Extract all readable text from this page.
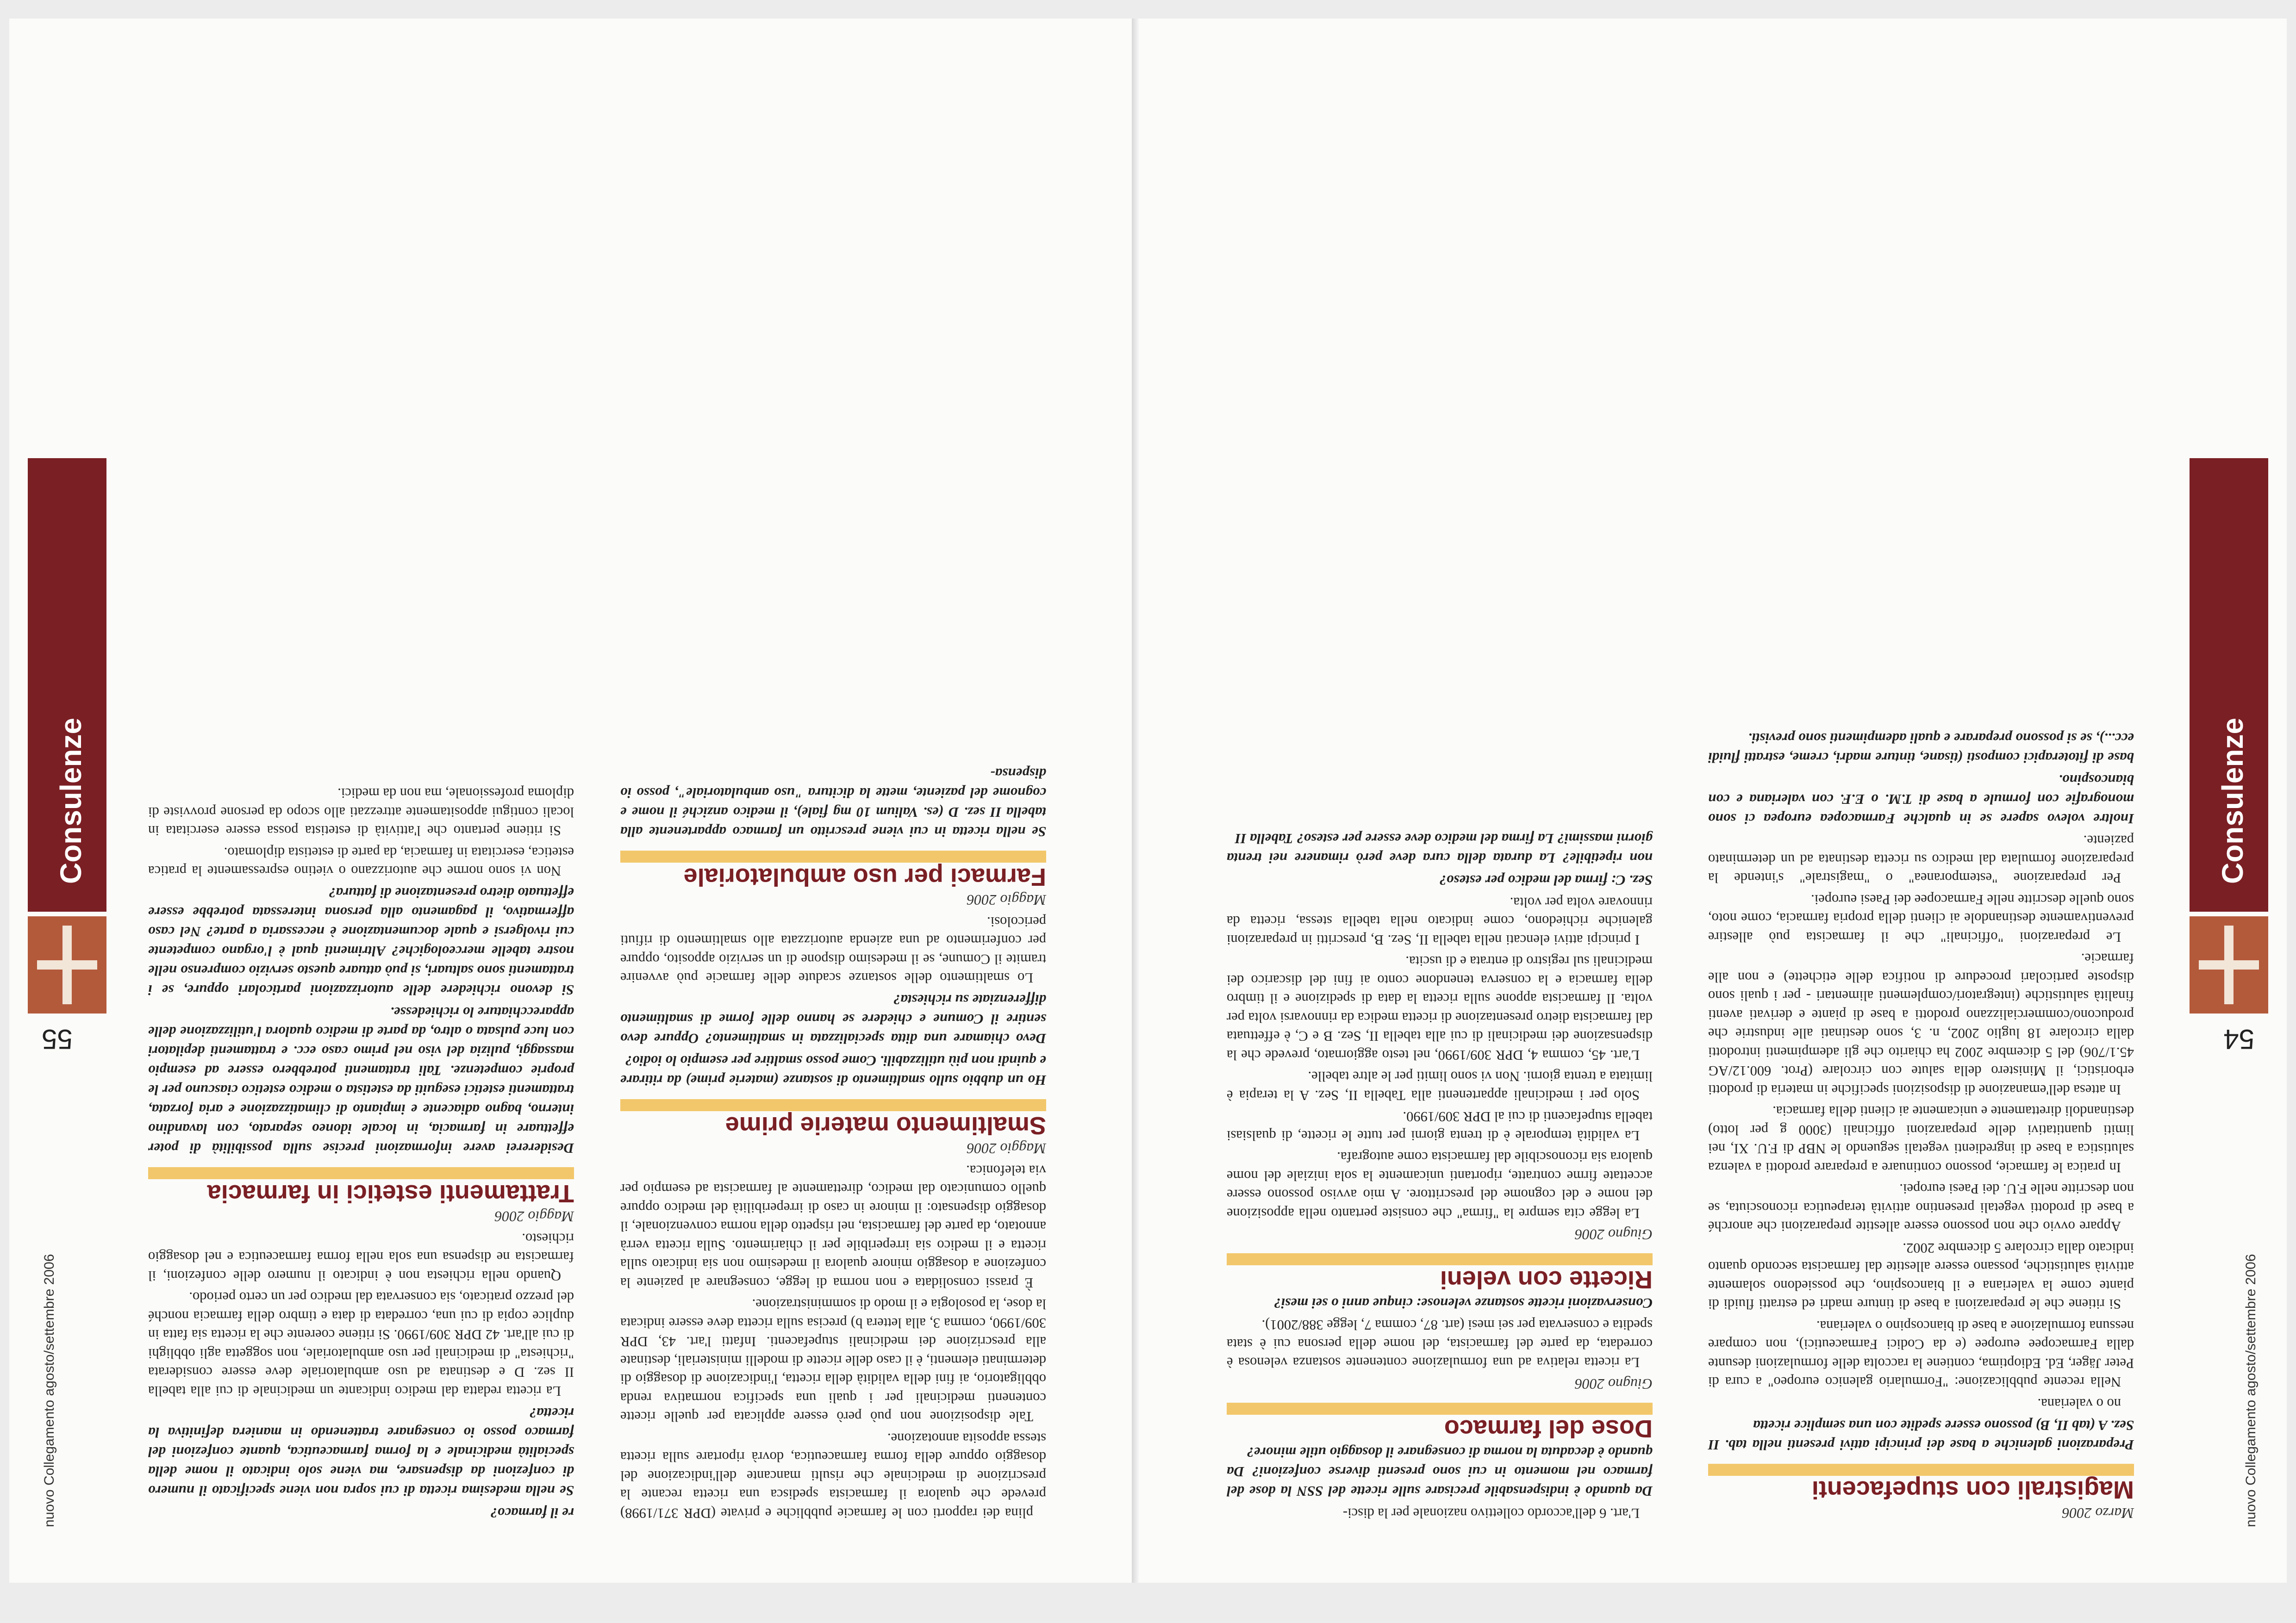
nuovo Collegamento agosto/settembre 2006
Consulenze
55

plina dei rapporti con le farmacie pubbliche e private (DPR 371/1998) prevede che qualora il farmacista spedisca una ricetta recante la prescrizione di medicinale che risulti mancante dell'indicazione del dosaggio oppure della forma farmaceutica, dovrà riportare sulla ricetta stessa apposita annotazione.

Tale disposizione non può però essere applicata per quelle ricette contenenti medicinali per i quali una specifica normativa renda obbligatorio, ai fini della validità della ricetta, l'indicazione di dosaggio di determinati elementi, è il caso delle ricette di modelli ministeriali, destinate alla prescrizione dei medicinali stupefacenti. Infatti l'art. 43, DPR 309/1990, comma 3, alla lettera b) precisa sulla ricetta deve essere indicata la dose, la posologia e il modo di somministrazione.

È prassi consolidata e non norma di legge, consegnare al paziente la confezione a dosaggio minore qualora il medesimo non sia indicato sulla ricetta e il medico sia irreperibile per il chiarimento. Sulla ricetta verrà annotato, da parte del farmacista, nel rispetto della norma convenzionale, il dosaggio dispensato: il minore in caso di irreperibilità del medico oppure quello comunicato dal medico, direttamente al farmacista ad esempio per via telefonica.

Maggio 2006

Smaltimento materie prime

Ho un dubbio sullo smaltimento di sostanze (materie prime) da ritirare e quindi non più utilizzabili. Come posso smaltire per esempio lo iodio?

Devo chiamare una ditta specializzata in smaltimento? Oppure devo sentire il Comune e chiedere se hanno delle forme di smaltimento differenziate su richiesta?

Lo smaltimento delle sostanze scadute delle farmacie può avvenire tramite il Comune, se il medesimo dispone di un servizio apposito, oppure per conferimento ad una azienda autorizzata allo smaltimento di rifiuti pericolosi.

Maggio 2006

Farmaci per uso ambulatoriale

Se nella ricetta in cui viene prescritto un farmaco appartenente alla tabella II sez. D (es. Valium 10 mg fiale), il medico anziché il nome e cognome del paziente, mette la dicitura "uso ambulatoriale", posso io dispensa-

re il farmaco?

Se nella medesima ricetta di cui sopra non viene specificato il numero di confezioni da dispensare, ma viene solo indicato il nome della specialità medicinale e la forma farmaceutica, quante confezioni del farmaco posso io consegnare trattenendo in maniera definitiva la ricetta?

La ricetta redatta dal medico indicante un medicinale di cui alla tabella II sez. D e destinata ad uso ambulatoriale deve essere considerata "richiesta" di medicinali per uso ambulatoriale, non soggetta agli obblighi di cui all'art. 42 DPR 309/1990. Si ritiene coerente che la ricetta sia fatta in duplice copia di cui una, corredata di data e timbro della farmacia nonché del prezzo praticato, sia conservata dal medico per un certo periodo.

Quando nella richiesta non è indicato il numero delle confezioni, il farmacista ne dispensa una sola nella forma farmaceutica e nel dosaggio richiesto.

Maggio 2006

Trattamenti estetici in farmacia

Desidererei avere informazioni precise sulla possibilità di poter effettuare in farmacia, in locale idoneo separato, con lavandino interno, bagno adiacente e impianto di climatizzazione e aria forzata, trattamenti estetici eseguiti da estetista o medico estetico ciascuno per le proprie competenze. Tali trattamenti potrebbero essere ad esempio massaggi, pulizia del viso nel primo caso ecc. e trattamenti depilatori con luce pulsata o altro, da parte di medico qualora l'utilizzazione delle apparecchiature lo richiedesse.

Si devono richiedere delle autorizzazioni particolari oppure, se i trattamenti sono saltuari, si può attuare questo servizio comprenso nelle nostre tabelle merceologiche? Altrimenti qual è l'organo competente cui rivolgersi e quale documentazione è necessaria a parte? Nel caso affermativo, il pagamento alla persona interessata potrebbe essere effettuato dietro presentazione di fattura?

Non vi sono norme che autorizzano o vietino espressamente la pratica estetica, esercitata in farmacia, da parte di estetista diplomato.

Si ritiene pertanto che l'attività di estetista possa essere esercitata in locali contigui appositamente attrezzati allo scopo da persone provviste di diploma professionale, ma non da medici.

nuovo Collegamento agosto/settembre 2006
Consulenze
54

Marzo 2006

Magistrali con stupefacenti

Preparazioni galeniche a base dei principi attivi presenti nella tab. II Sez. A (tab II, B) possono essere spedite con una semplice ricetta

no o valeriana.

Nella recente pubblicazione: "Formulario galenico europeo" a cura di Peter Jäger, Ed. Edioptima, contiene la raccolta delle formulazioni desunte dalla Farmacopee europee (e da Codici Farmaceutici), non compare nessuna formulazione a base di biancospino o valeriana.

Si ritiene che le preparazioni a base di tinture madri ed estratti fluidi di piante come la valeriana e il biancospino, che possiedono solamente attività salutistiche, possano essere allestite dal farmacista secondo quanto indicato dalla circolare 5 dicembre 2002.

Appare ovvio che non possono essere allestite preparazioni che anorché a base di prodotti vegetali presentino attività terapeutica riconosciuta, se non descritte nelle F.U. dei Paesi europei.

In pratica le farmacie, possono continuare a preparare prodotti a valenza salutistica a base di ingredienti vegetali seguendo le NBP di F.U. XI, nei limiti quantitativi delle preparazioni officinali (3000 g per lotto) destinandoli direttamente e unicamente ai clienti della farmacia.

In attesa dell'emanazione di disposizioni specifiche in materia di prodotti erboristici, il Ministero della salute con circolare (Prot. 600.12/AG 45.1/706) del 5 dicembre 2002 ha chiarito che gli adempimenti introdotti dalla circolare 18 luglio 2002, n. 3, sono destinati alle industrie che producono/commercializzano prodotti a base di piante e derivati aventi finalità salutistiche (integratori/complementi alimentari - per i quali sono disposte particolari procedure di notifica delle etichette) e non alle farmacie.

Le preparazioni "officinali" che il farmacista può allestire preventivamente destinandole ai clienti della propria farmacia, come noto, sono quelle descritte nelle Farmacopee dei Paesi europei.

Per preparazione "estemporanea" o "magistrale" s'intende la preparazione formulata dal medico su ricetta destinata ad un determinato paziente.

Inoltre volevo sapere se in qualche Farmacopea europea ci sono monografie con formule a base di T.M. o E.F. con valeriana e con biancospino.

base di fitoterapici composti (tisane, tinture madri, creme, estratti fluidi ecc...), se si possono preparare e quali adempimenti sono previsti.

L'art. 6 dell'accordo collettivo nazionale per la disci-

Da quando è indispensabile precisare sulle ricette del SSN la dose del farmaco nel momento in cui sono presenti diverse confezioni? Da quando è decaduta la norma di consegnare il dosaggio utile minore?

Dose del farmaco

Giugno 2006

La ricetta relativa ad una formulazione contenente sostanza velenosa è corredata, da parte del farmacista, del nome della persona cui è stata spedita e conservata per sei mesi (art. 87, comma 7, legge 388/2001).

Conservazioni ricette sostanze velenose: cinque anni o sei mesi?

Ricette con veleni

Giugno 2006

La legge cita sempre la "firma" che consiste pertanto nella apposizione del nome e del cognome del prescrittore. A mio avviso possono essere accettate firme contratte, riportanti unicamente la sola iniziale del nome qualora sia riconoscibile dal farmacista come autografa.

La validità temporale è di trenta giorni per tutte le ricette, di qualsiasi tabella stupefacenti di cui al DPR 309/1990.

Solo per i medicinali appartenenti alla Tabella II, Sez. A la terapia è limitata a trenta giorni. Non vi sono limiti per le altre tabelle.

L'art. 45, comma 4, DPR 309/1990, nel testo aggiornato, prevede che la dispensazione dei medicinali di cui alla tabella II, Sez. B e C, è effettuata dal farmacista dietro presentazione di ricetta medica da rinnovarsi volta per volta. Il farmacista appone sulla ricetta la data di spedizione e il timbro della farmacia e la conserva tenendone conto ai fini del discarico dei medicinali sul registro di entrata e di uscita.

I principi attivi elencati nella tabella II, Sez. B, prescritti in preparazioni galeniche richiedono, come indicato nella tabella stessa, ricetta da rinnovare volta per volta.

Sez. C: firma del medico per esteso?

non ripetibile? La durata della cura deve però rimanere nei trenta giorni massimi? La firma del medico deve essere per esteso? Tabella II
